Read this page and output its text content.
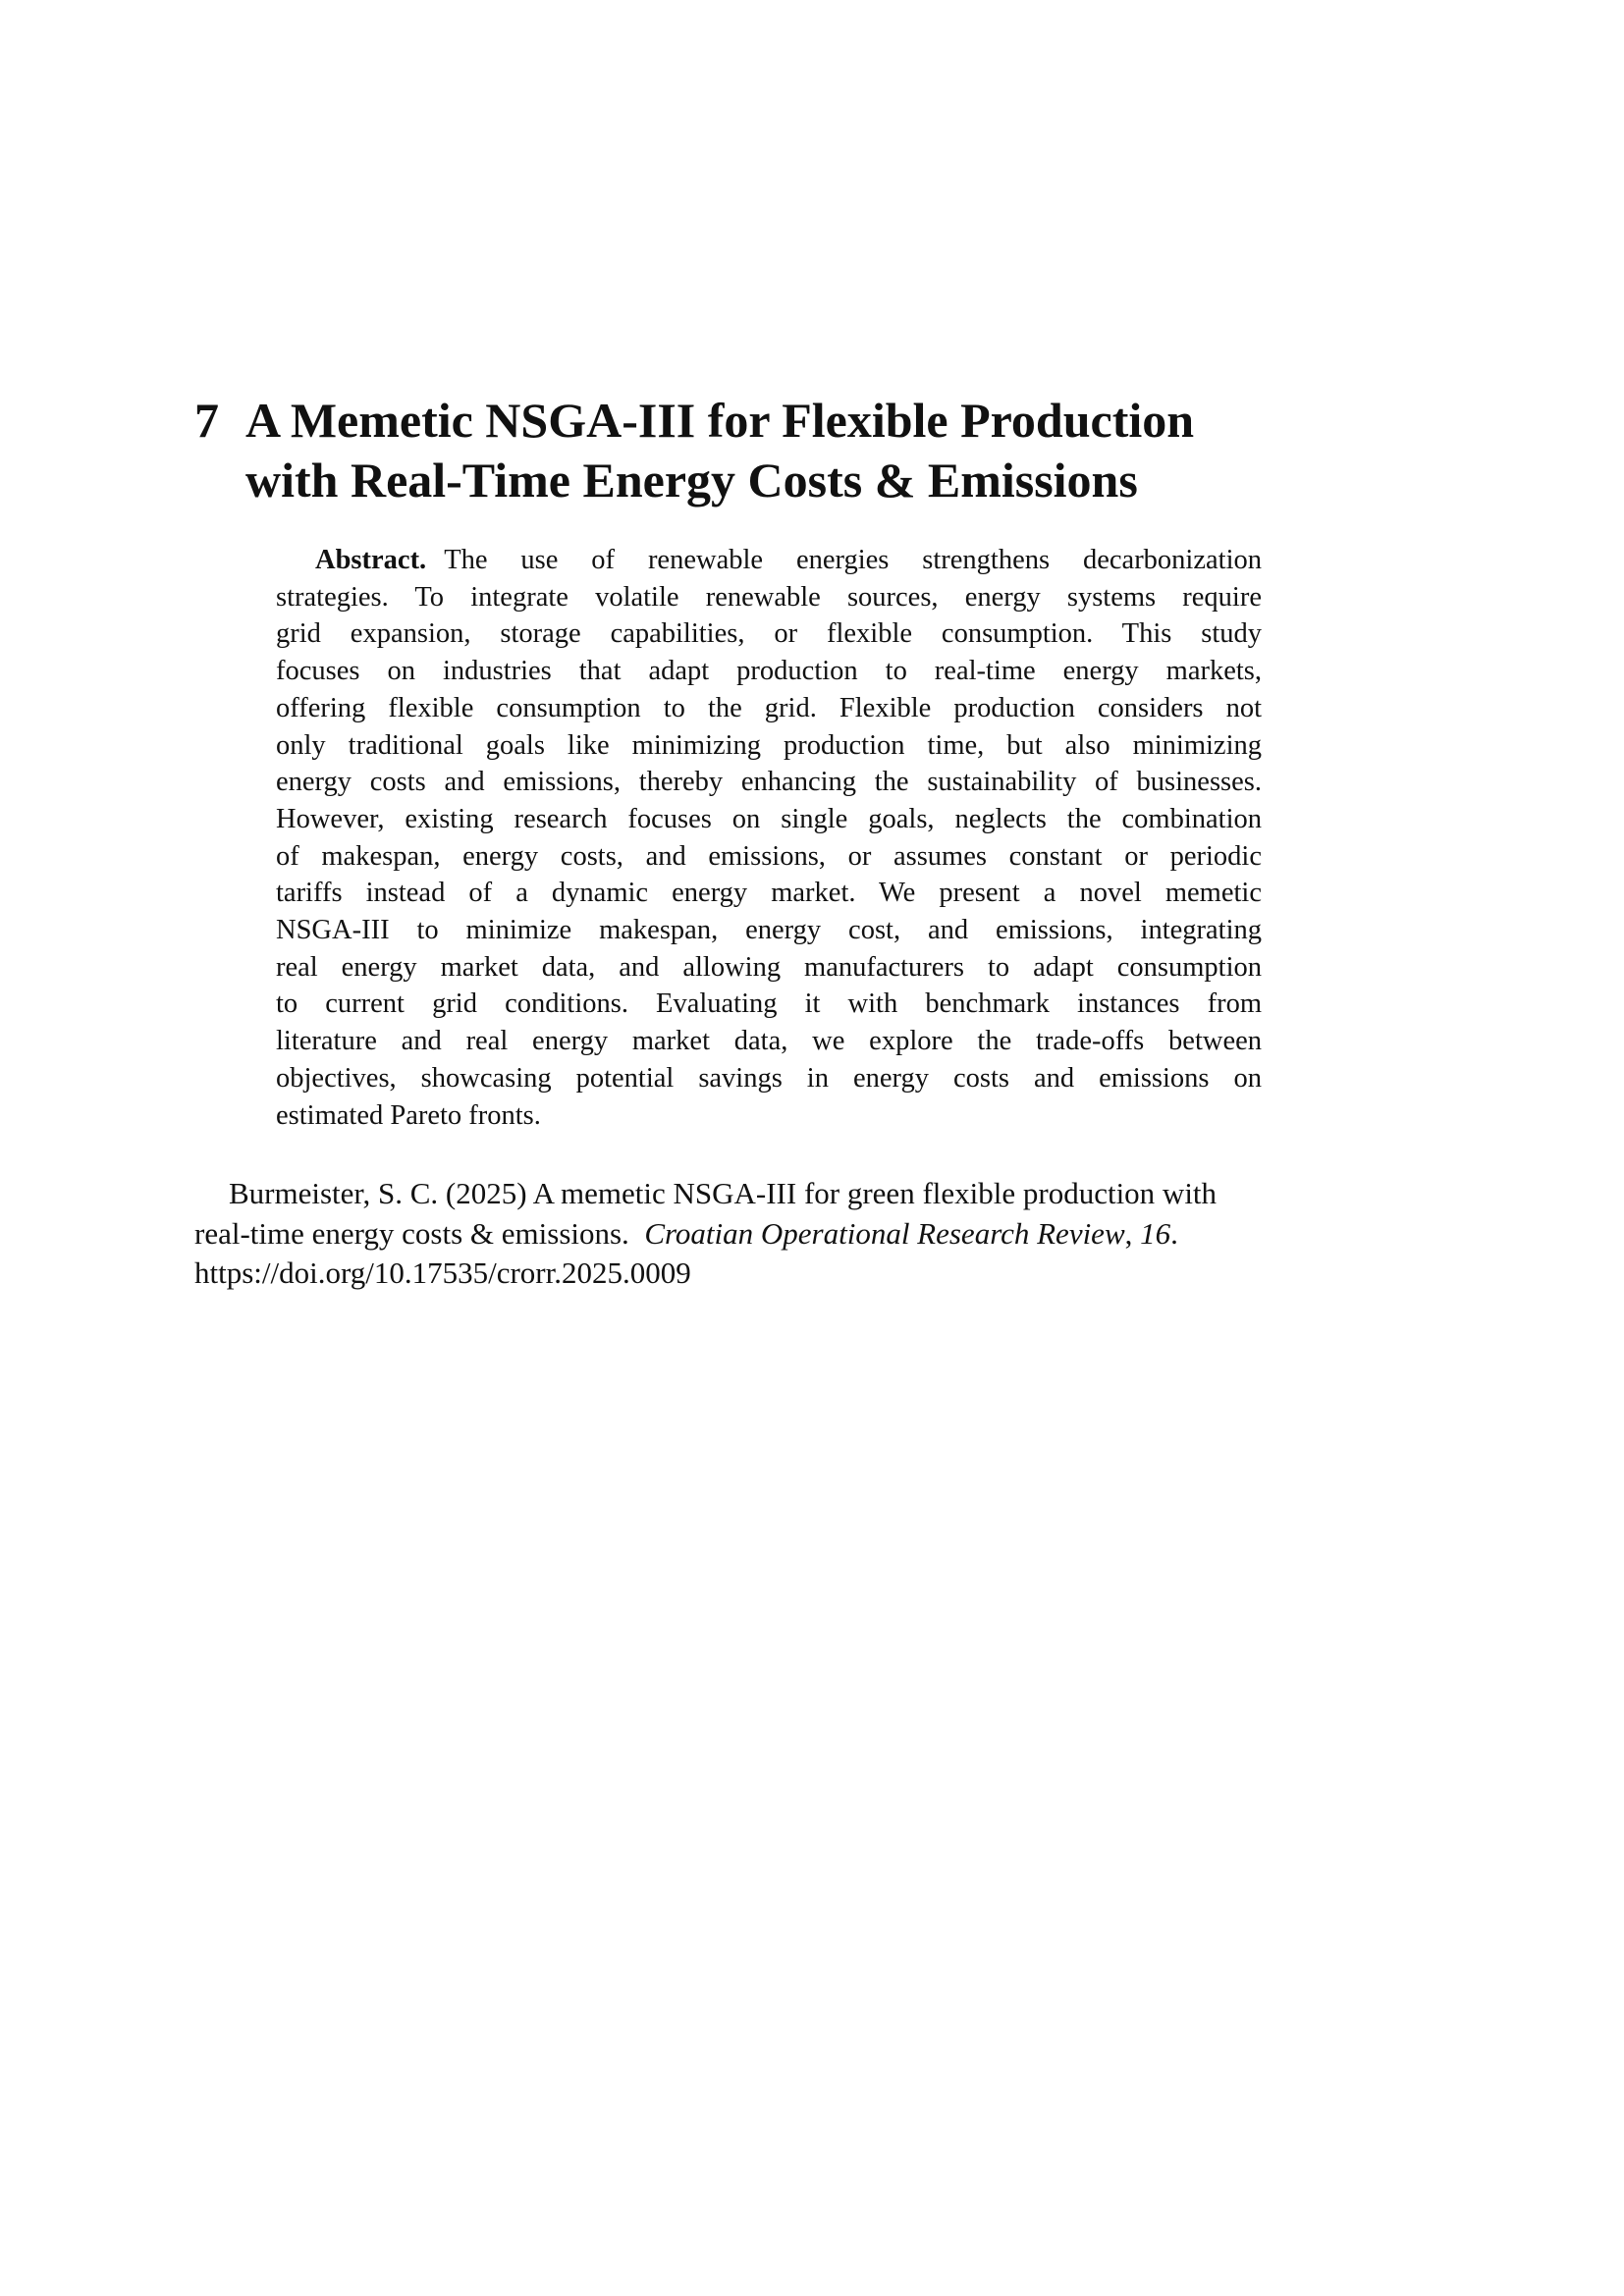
7 A Memetic NSGA-III for Flexible Production
with Real-Time Energy Costs & Emissions
Abstract. The use of renewable energies strengthens decarbonization
strategies. To integrate volatile renewable sources, energy systems require
grid expansion, storage capabilities, or flexible consumption. This study
focuses on industries that adapt production to real-time energy markets,
offering flexible consumption to the grid. Flexible production considers not
only traditional goals like minimizing production time, but also minimizing
energy costs and emissions, thereby enhancing the sustainability of businesses.
However, existing research focuses on single goals, neglects the combination
of makespan, energy costs, and emissions, or assumes constant or periodic
tariffs instead of a dynamic energy market. We present a novel memetic
NSGA-III to minimize makespan, energy cost, and emissions, integrating
real energy market data, and allowing manufacturers to adapt consumption
to current grid conditions. Evaluating it with benchmark instances from
literature and real energy market data, we explore the trade-offs between
objectives, showcasing potential savings in energy costs and emissions on
estimated Pareto fronts.
Burmeister, S. C. (2025) A memetic NSGA-III for green flexible production with
real-time energy costs & emissions. Croatian Operational Research Review, 16.
https://doi.org/10.17535/crorr.2025.0009
